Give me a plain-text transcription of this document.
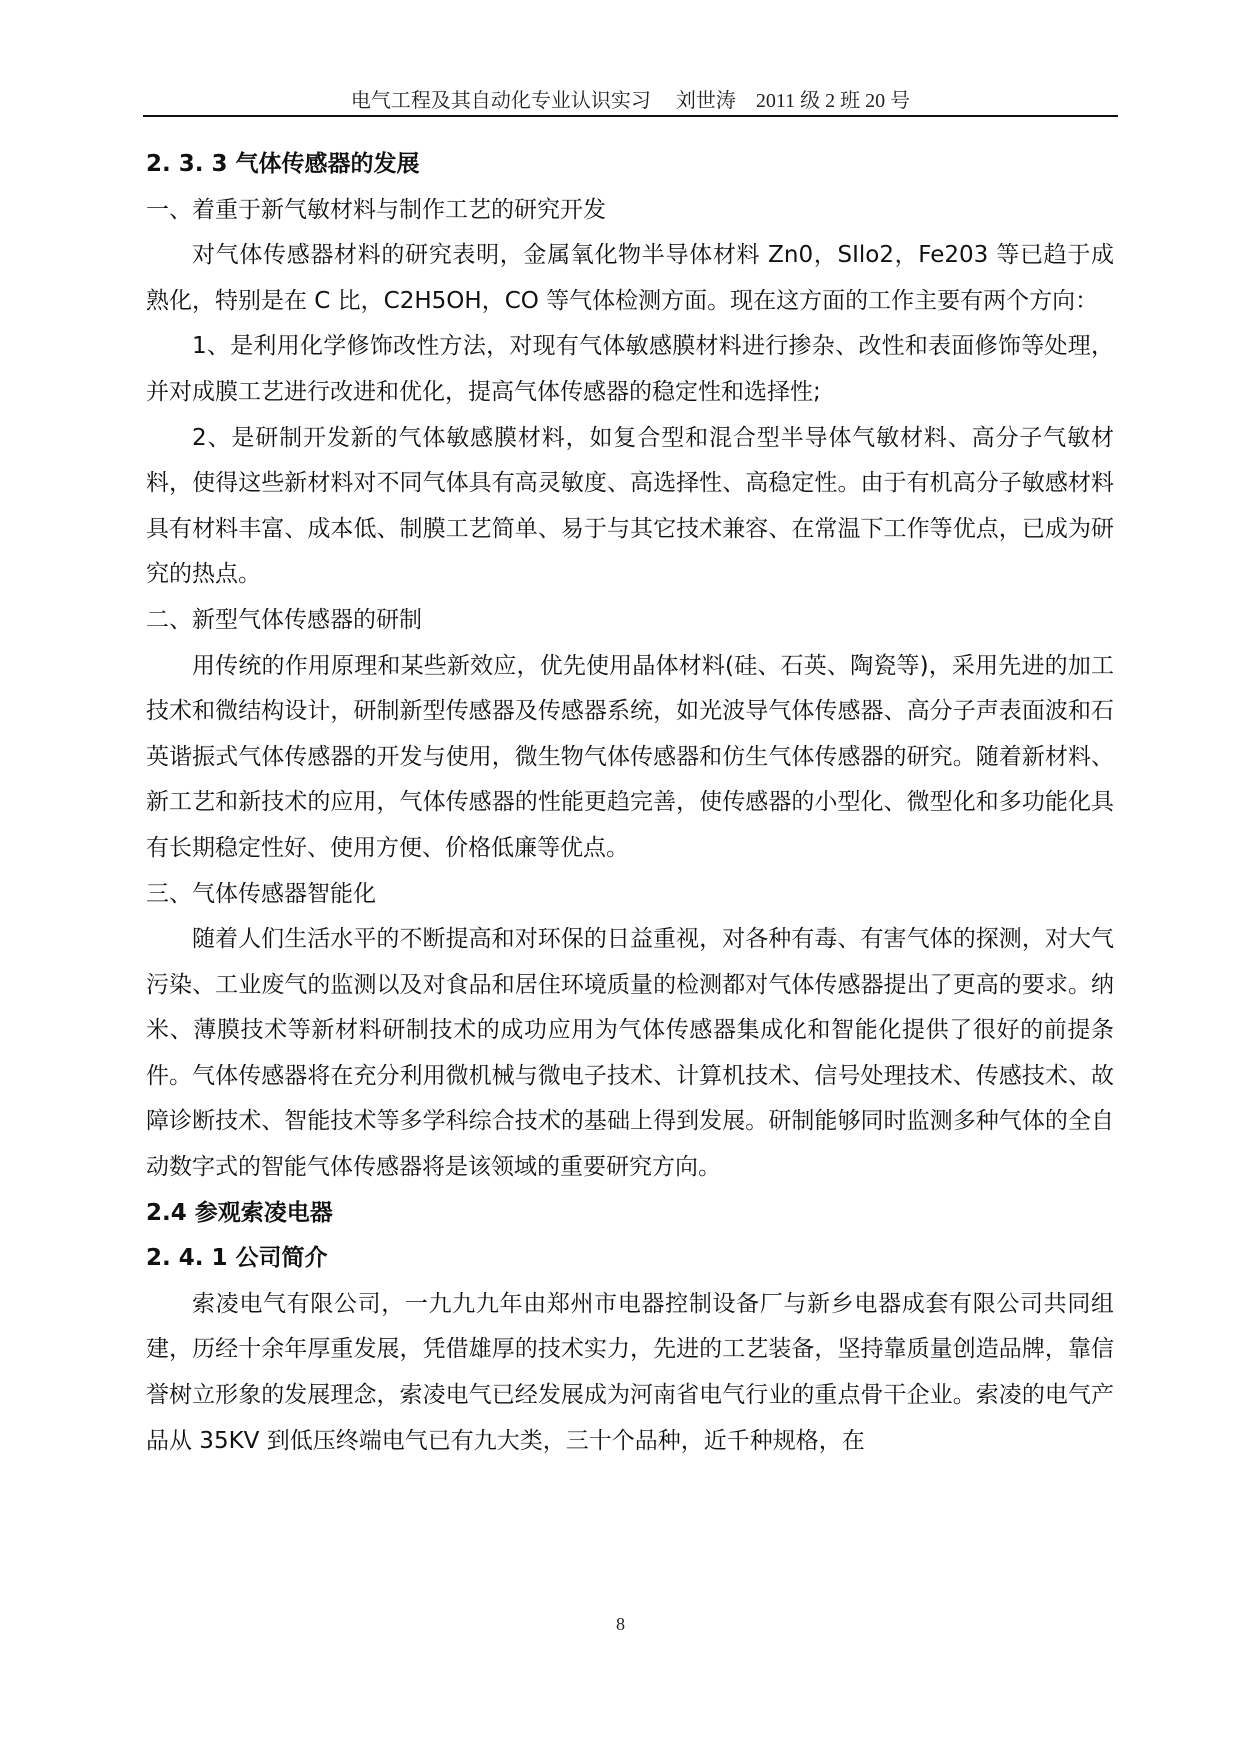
电气工程及其自动化专业认识实习　 刘世涛　2011 级 2 班 20 号

2. 3. 3 气体传感器的发展

一、着重于新气敏材料与制作工艺的研究开发

对气体传感器材料的研究表明，金属氧化物半导体材料 Zn0，SIlo2，Fe203 等已趋于成熟化，特别是在 C 比，C2H5OH，CO 等气体检测方面。现在这方面的工作主要有两个方向：

1、是利用化学修饰改性方法，对现有气体敏感膜材料进行掺杂、改性和表面修饰等处理，并对成膜工艺进行改进和优化，提高气体传感器的稳定性和选择性;

2、是研制开发新的气体敏感膜材料，如复合型和混合型半导体气敏材料、高分子气敏材料，使得这些新材料对不同气体具有高灵敏度、高选择性、高稳定性。由于有机高分子敏感材料具有材料丰富、成本低、制膜工艺简单、易于与其它技术兼容、在常温下工作等优点，已成为研究的热点。

二、新型气体传感器的研制

用传统的作用原理和某些新效应，优先使用晶体材料(硅、石英、陶瓷等)，采用先进的加工技术和微结构设计，研制新型传感器及传感器系统，如光波导气体传感器、高分子声表面波和石英谐振式气体传感器的开发与使用，微生物气体传感器和仿生气体传感器的研究。随着新材料、新工艺和新技术的应用，气体传感器的性能更趋完善，使传感器的小型化、微型化和多功能化具有长期稳定性好、使用方便、价格低廉等优点。

三、气体传感器智能化

随着人们生活水平的不断提高和对环保的日益重视，对各种有毒、有害气体的探测，对大气污染、工业废气的监测以及对食品和居住环境质量的检测都对气体传感器提出了更高的要求。纳米、薄膜技术等新材料研制技术的成功应用为气体传感器集成化和智能化提供了很好的前提条件。气体传感器将在充分利用微机械与微电子技术、计算机技术、信号处理技术、传感技术、故障诊断技术、智能技术等多学科综合技术的基础上得到发展。研制能够同时监测多种气体的全自动数字式的智能气体传感器将是该领域的重要研究方向。

2.4 参观索凌电器

2. 4. 1 公司简介

索凌电气有限公司，一九九九年由郑州市电器控制设备厂与新乡电器成套有限公司共同组建，历经十余年厚重发展，凭借雄厚的技术实力，先进的工艺装备，坚持靠质量创造品牌，靠信誉树立形象的发展理念，索凌电气已经发展成为河南省电气行业的重点骨干企业。索凌的电气产品从 35KV 到低压终端电气已有九大类，三十个品种，近千种规格，在

8
